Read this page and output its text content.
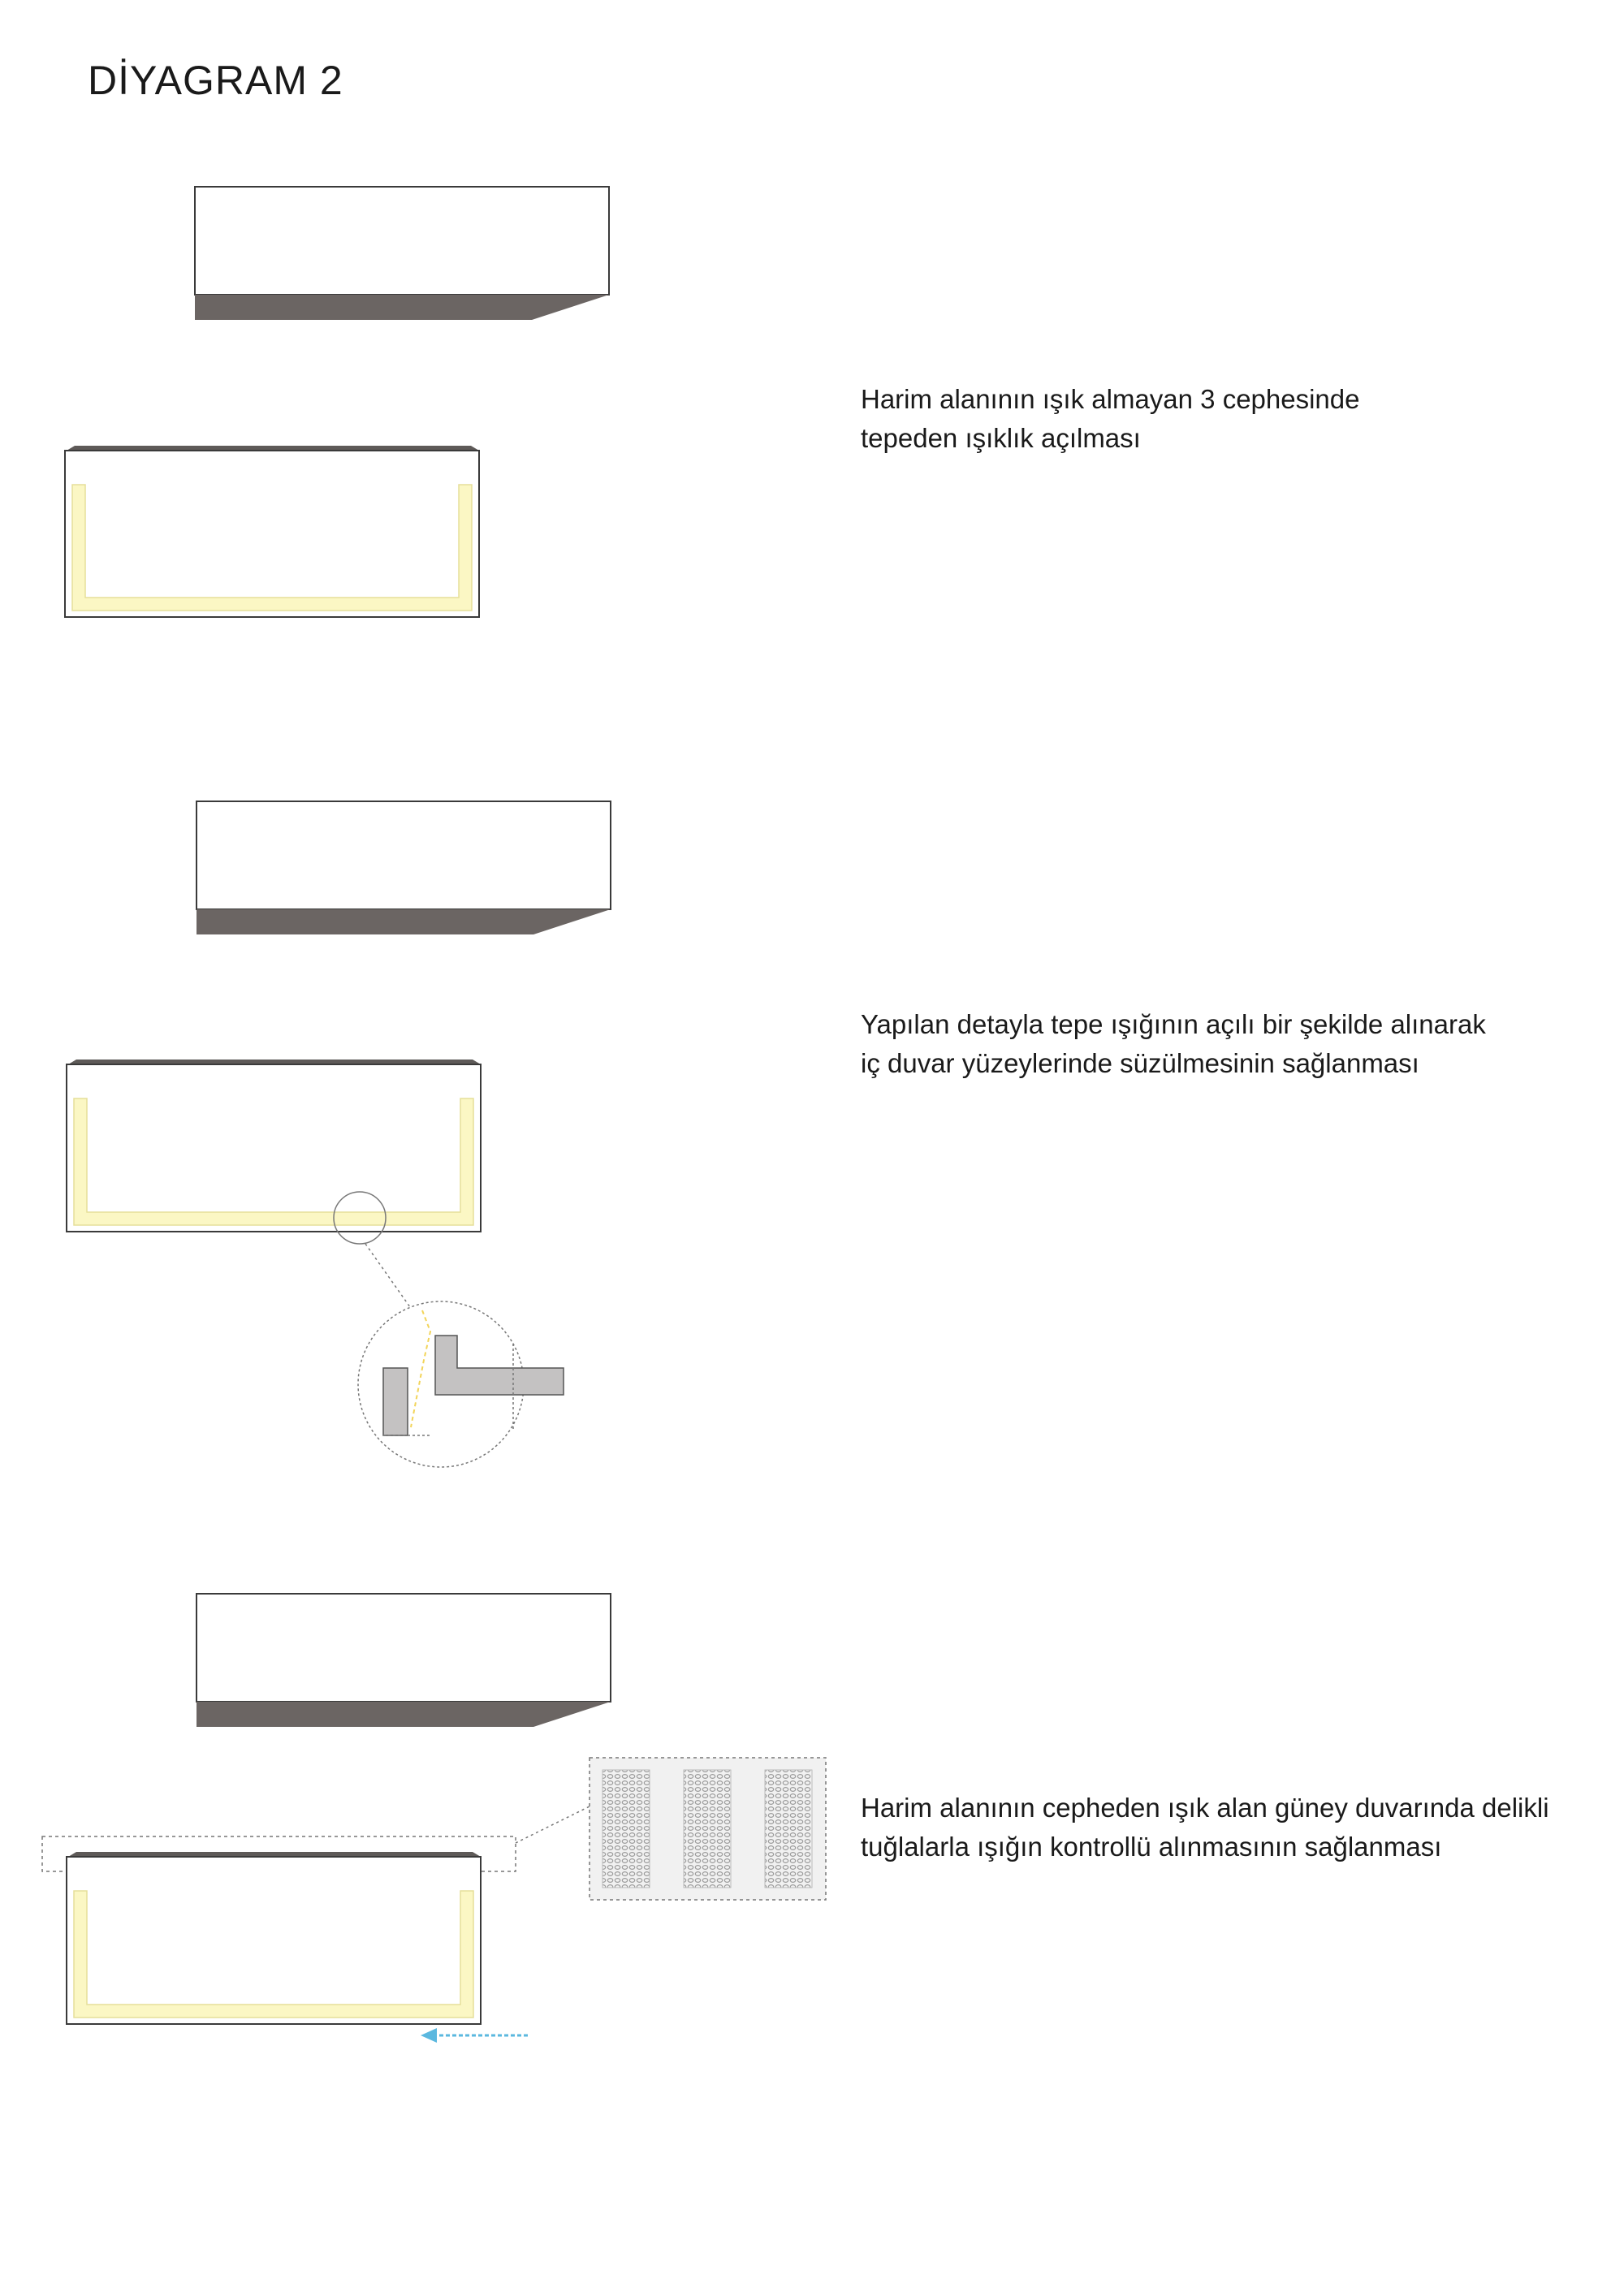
DİYAGRAM 2
Harim alanının ışık almayan 3 cephesinde
tepeden ışıklık açılması
Yapılan detayla tepe ışığının açılı bir şekilde alınarak
iç duvar yüzeylerinde süzülmesinin sağlanması
Harim alanının cepheden ışık alan güney duvarında delikli
tuğlalarla ışığın kontrollü alınmasının sağlanması
